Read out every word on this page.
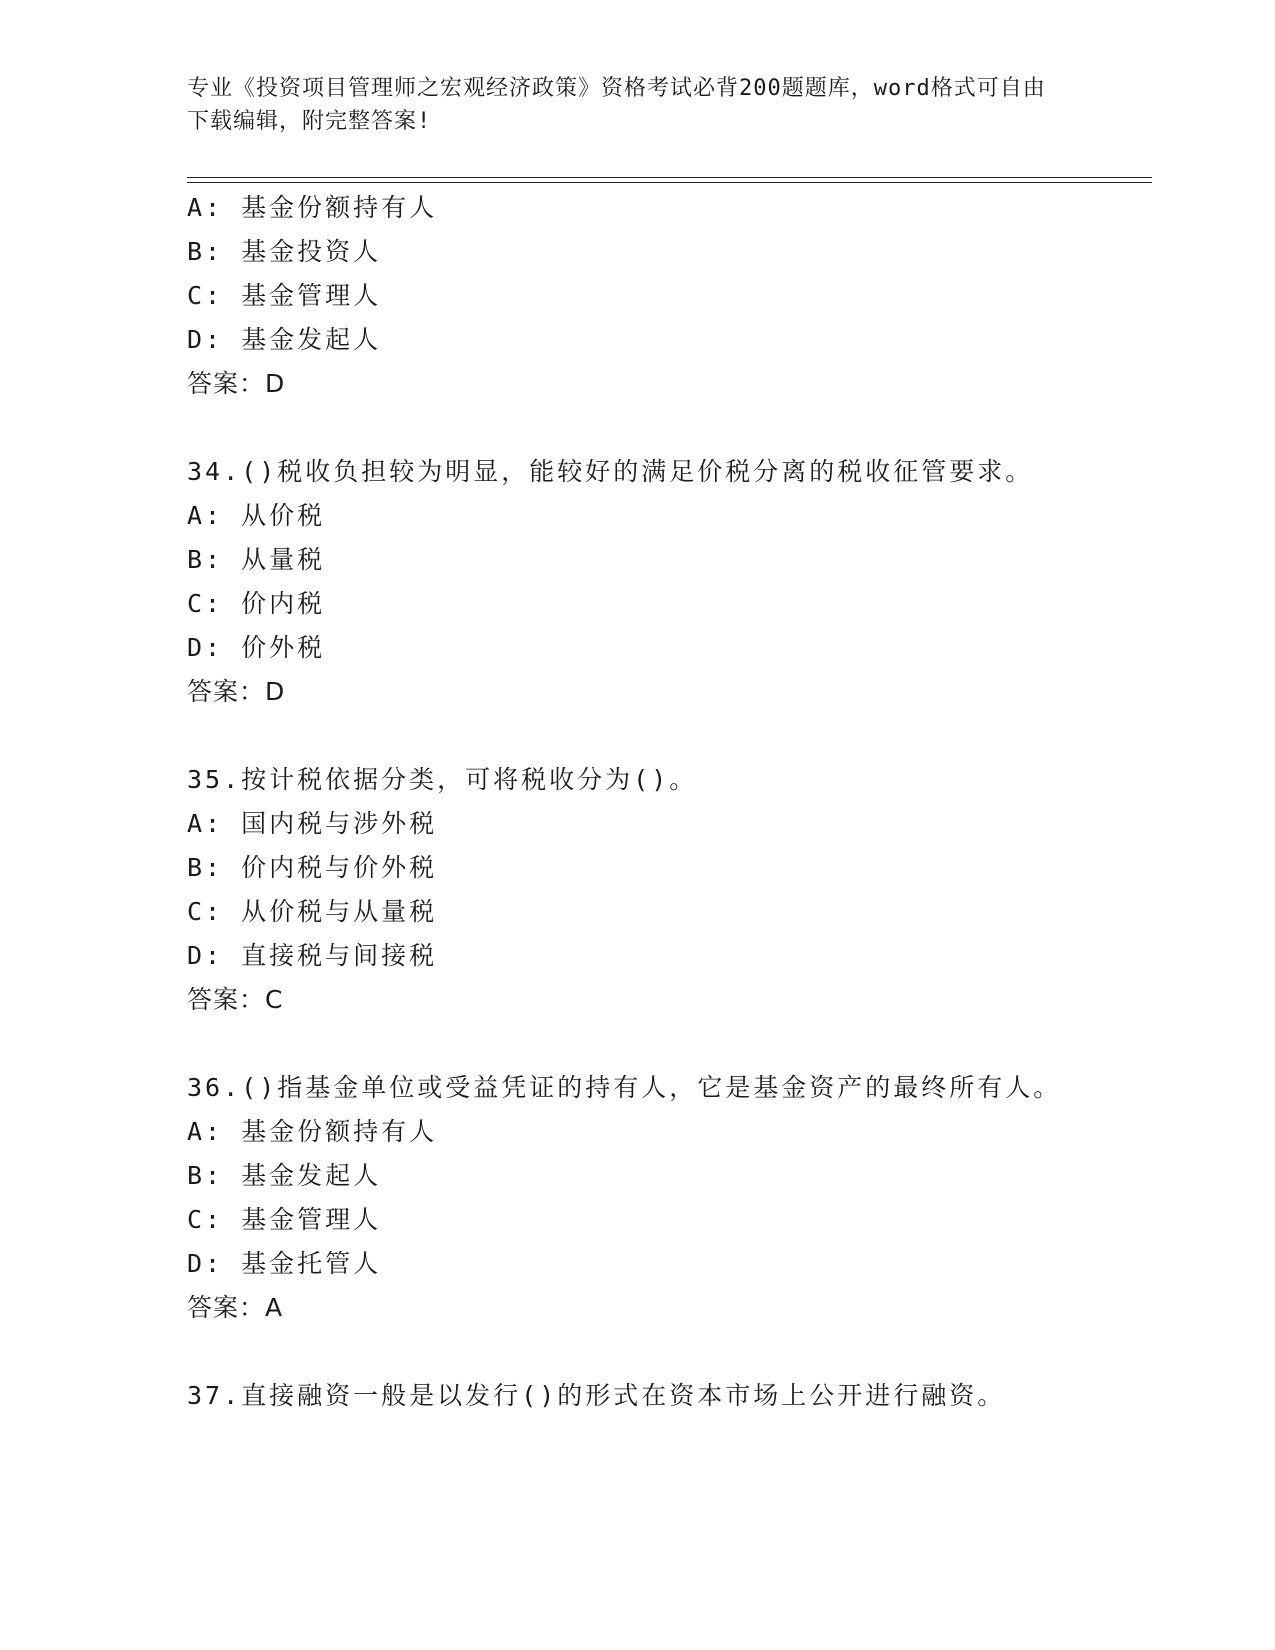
专业《投资项目管理师之宏观经济政策》资格考试必背200题题库，word格式可自由下载编辑，附完整答案!
A: 基金份额持有人
B: 基金投资人
C: 基金管理人
D: 基金发起人
答案：D
34.()税收负担较为明显，能较好的满足价税分离的税收征管要求。
A: 从价税
B: 从量税
C: 价内税
D: 价外税
答案：D
35.按计税依据分类，可将税收分为()。
A: 国内税与涉外税
B: 价内税与价外税
C: 从价税与从量税
D: 直接税与间接税
答案：C
36.()指基金单位或受益凭证的持有人，它是基金资产的最终所有人。
A: 基金份额持有人
B: 基金发起人
C: 基金管理人
D: 基金托管人
答案：A
37.直接融资一般是以发行()的形式在资本市场上公开进行融资。
